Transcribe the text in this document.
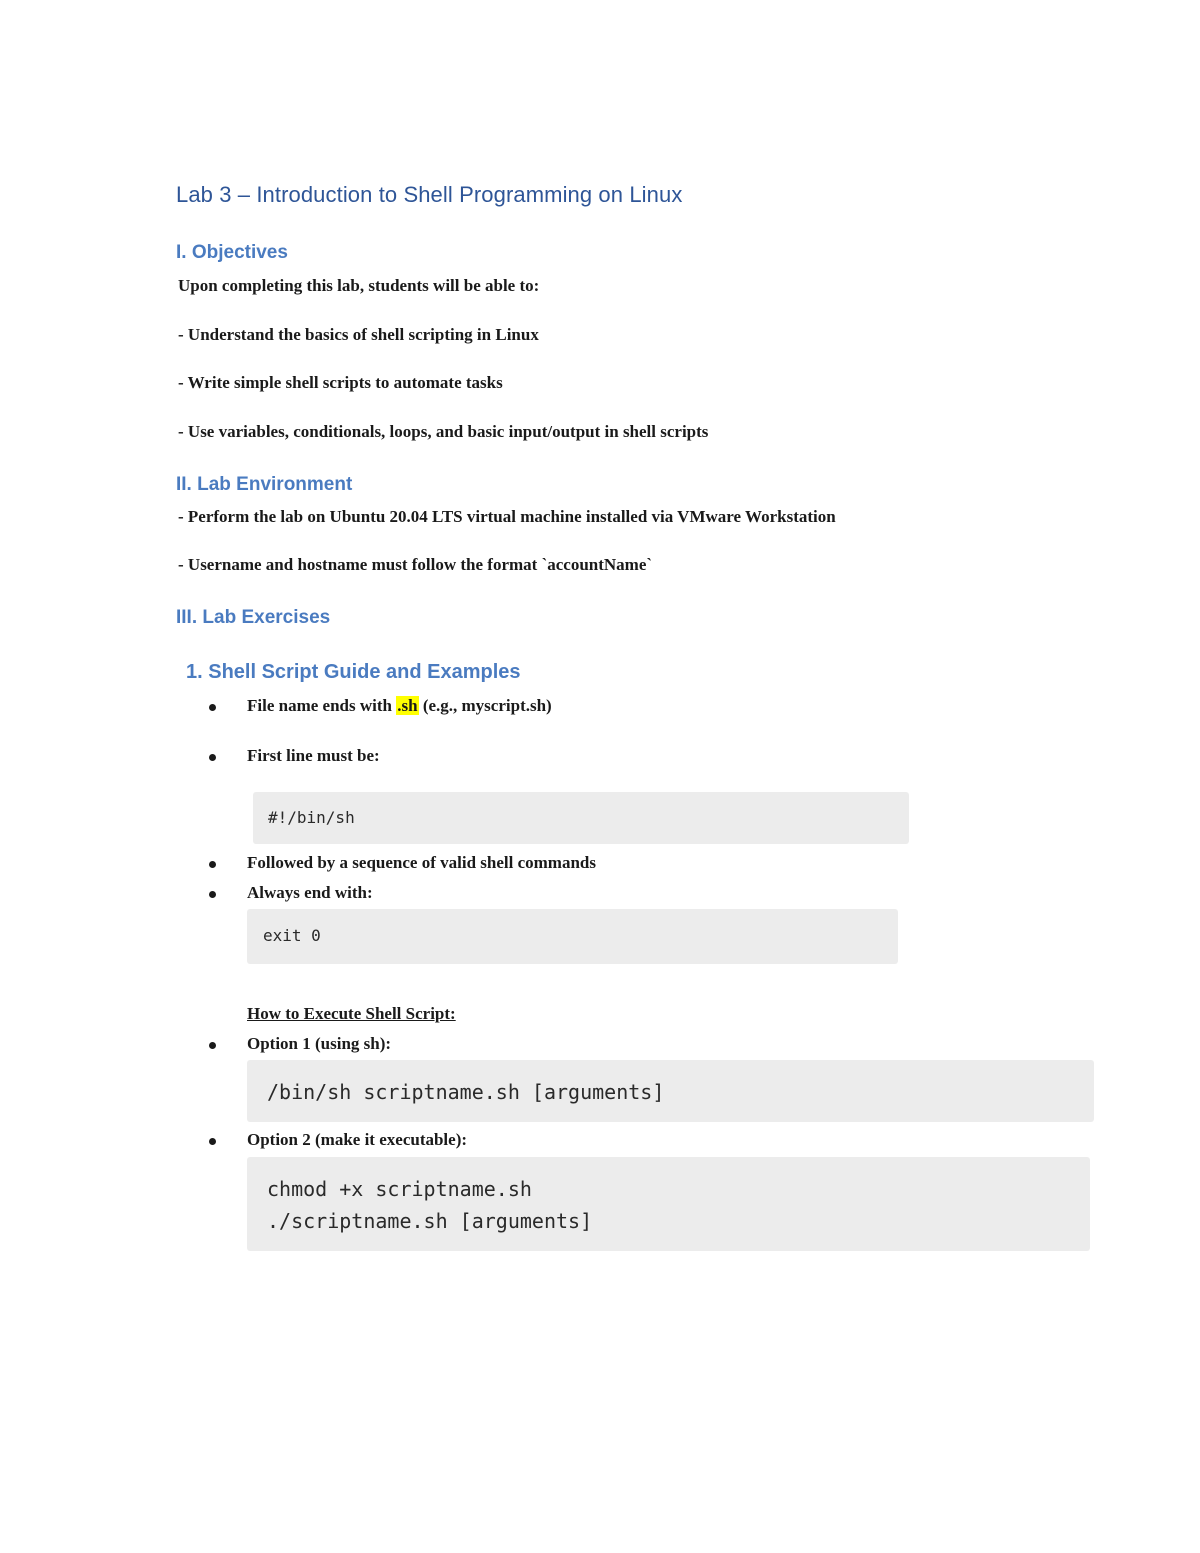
Lab 3 – Introduction to Shell Programming on Linux
I. Objectives
Upon completing this lab, students will be able to:
- Understand the basics of shell scripting in Linux
- Write simple shell scripts to automate tasks
- Use variables, conditionals, loops, and basic input/output in shell scripts
II. Lab Environment
- Perform the lab on Ubuntu 20.04 LTS virtual machine installed via VMware Workstation
- Username and hostname must follow the format `accountName`
III. Lab Exercises
1. Shell Script Guide and Examples
File name ends with .sh (e.g., myscript.sh)
First line must be:
#!/bin/sh
Followed by a sequence of valid shell commands
Always end with:
exit 0
How to Execute Shell Script:
Option 1 (using sh):
/bin/sh scriptname.sh [arguments]
Option 2 (make it executable):
chmod +x scriptname.sh
./scriptname.sh [arguments]
